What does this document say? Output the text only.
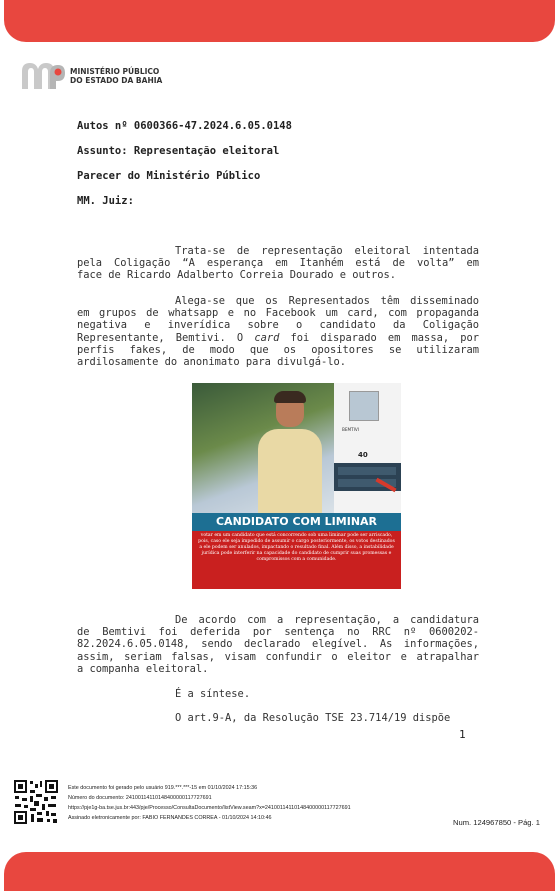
MINISTÉRIO PÚBLICO
DO ESTADO DA BAHIA
Autos nº 0600366-47.2024.6.05.0148
Assunto: Representação eleitoral
Parecer do Ministério Público
MM. Juiz:
Trata-se de representação eleitoral intentada
pela Coligação “A esperança em Itanhém está de volta” em
face de Ricardo Adalberto Correia Dourado e outros.
Alega-se que os Representados têm disseminado
em grupos de whatsapp e no Facebook um card, com propaganda
negativa e inverídica sobre o candidato da Coligação
Representante, Bemtivi. O card foi disparado em massa, por
perfis fakes, de modo que os opositores se utilizaram
ardilosamente do anonimato para divulgá-lo.
BEMTIVI
40
CANDIDATO COM LIMINAR
votar em um candidato que está concorrendo sob uma liminar pode ser arriscado, pois, caso ele seja impedido de assumir o cargo posteriormente, os votos destinados a ele podem ser anulados, impactando o resultado final. Além disso, a instabilidade jurídica pode interferir na capacidade do candidato de cumprir suas promessas e compromissos com a comunidade.
De acordo com a representação, a candidatura
de Bemtivi foi deferida por sentença no RRC nº 0600202-
82.2024.6.05.0148, sendo declarado elegível. As informações,
assim, seriam falsas, visam confundir o eleitor e atrapalhar
a companha eleitoral.
É a síntese.
O art.9-A, da Resolução TSE 23.714/19 dispõe
1
Este documento foi gerado pelo usuário 919.***.***-15 em 01/10/2024 17:15:36
Número do documento: 24100114110148400000117727691
https://pje1g-ba.tse.jus.br:443/pje/Processo/ConsultaDocumento/listView.seam?x=24100114110148400000117727691
Assinado eletronicamente por: FABIO FERNANDES CORREA - 01/10/2024 14:10:46	Num. 124967850 - Pág. 1
